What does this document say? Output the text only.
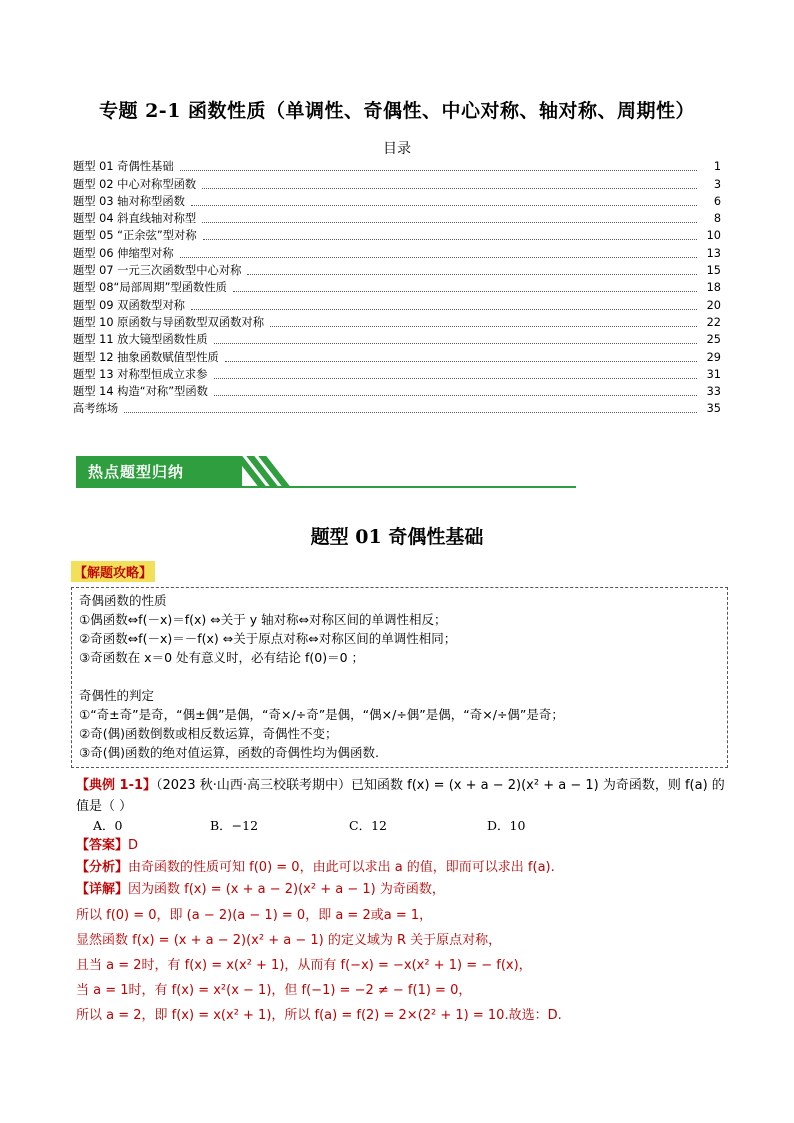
专题 2-1 函数性质（单调性、奇偶性、中心对称、轴对称、周期性）
目录
题型 01 奇偶性基础	1
题型 02 中心对称型函数	3
题型 03 轴对称型函数	6
题型 04 斜直线轴对称型	8
题型 05 “正余弦”型对称	10
题型 06 伸缩型对称	13
题型 07 一元三次函数型中心对称	15
题型 08“局部周期”型函数性质	18
题型 09 双函数型对称	20
题型 10 原函数与导函数型双函数对称	22
题型 11 放大镜型函数性质	25
题型 12 抽象函数赋值型性质	29
题型 13 对称型恒成立求参	31
题型 14 构造“对称”型函数	33
高考练场	35
热点题型归纳
题型 01 奇偶性基础
【解题攻略】

奇偶函数的性质

①偶函数⇔f(－x)＝f(x) ⇔关于 y 轴对称⇔对称区间的单调性相反；

②奇函数⇔f(－x)＝－f(x) ⇔关于原点对称⇔对称区间的单调性相同；

③奇函数在 x＝0 处有意义时，必有结论 f(0)＝0 ；

奇偶性的判定

①“奇±奇”是奇，“偶±偶”是偶，“奇×/÷奇”是偶，“偶×/÷偶”是偶，“奇×/÷偶”是奇；

②奇(偶)函数倒数或相反数运算，奇偶性不变；

③奇(偶)函数的绝对值运算，函数的奇偶性均为偶函数.

【典例 1-1】（2023 秋·山西·高三校联考期中）已知函数 f(x) = (x + a − 2)(x² + a − 1) 为奇函数，则 f(a) 的
值是（ ）
A．0	B．−12	C．12	D．10
【答案】D
【分析】由奇函数的性质可知 f(0) = 0，由此可以求出 a 的值，即而可以求出 f(a).
【详解】因为函数 f(x) = (x + a − 2)(x² + a − 1) 为奇函数，
所以 f(0) = 0，即 (a − 2)(a − 1) = 0，即 a = 2或a = 1，
显然函数 f(x) = (x + a − 2)(x² + a − 1) 的定义域为 R 关于原点对称，
且当 a = 2时，有 f(x) = x(x² + 1)，从而有 f(−x) = −x(x² + 1) = − f(x)，
当 a = 1时，有 f(x) = x²(x − 1)，但 f(−1) = −2 ≠ − f(1) = 0，
所以 a = 2，即 f(x) = x(x² + 1)，所以 f(a) = f(2) = 2×(2² + 1) = 10.故选：D.
